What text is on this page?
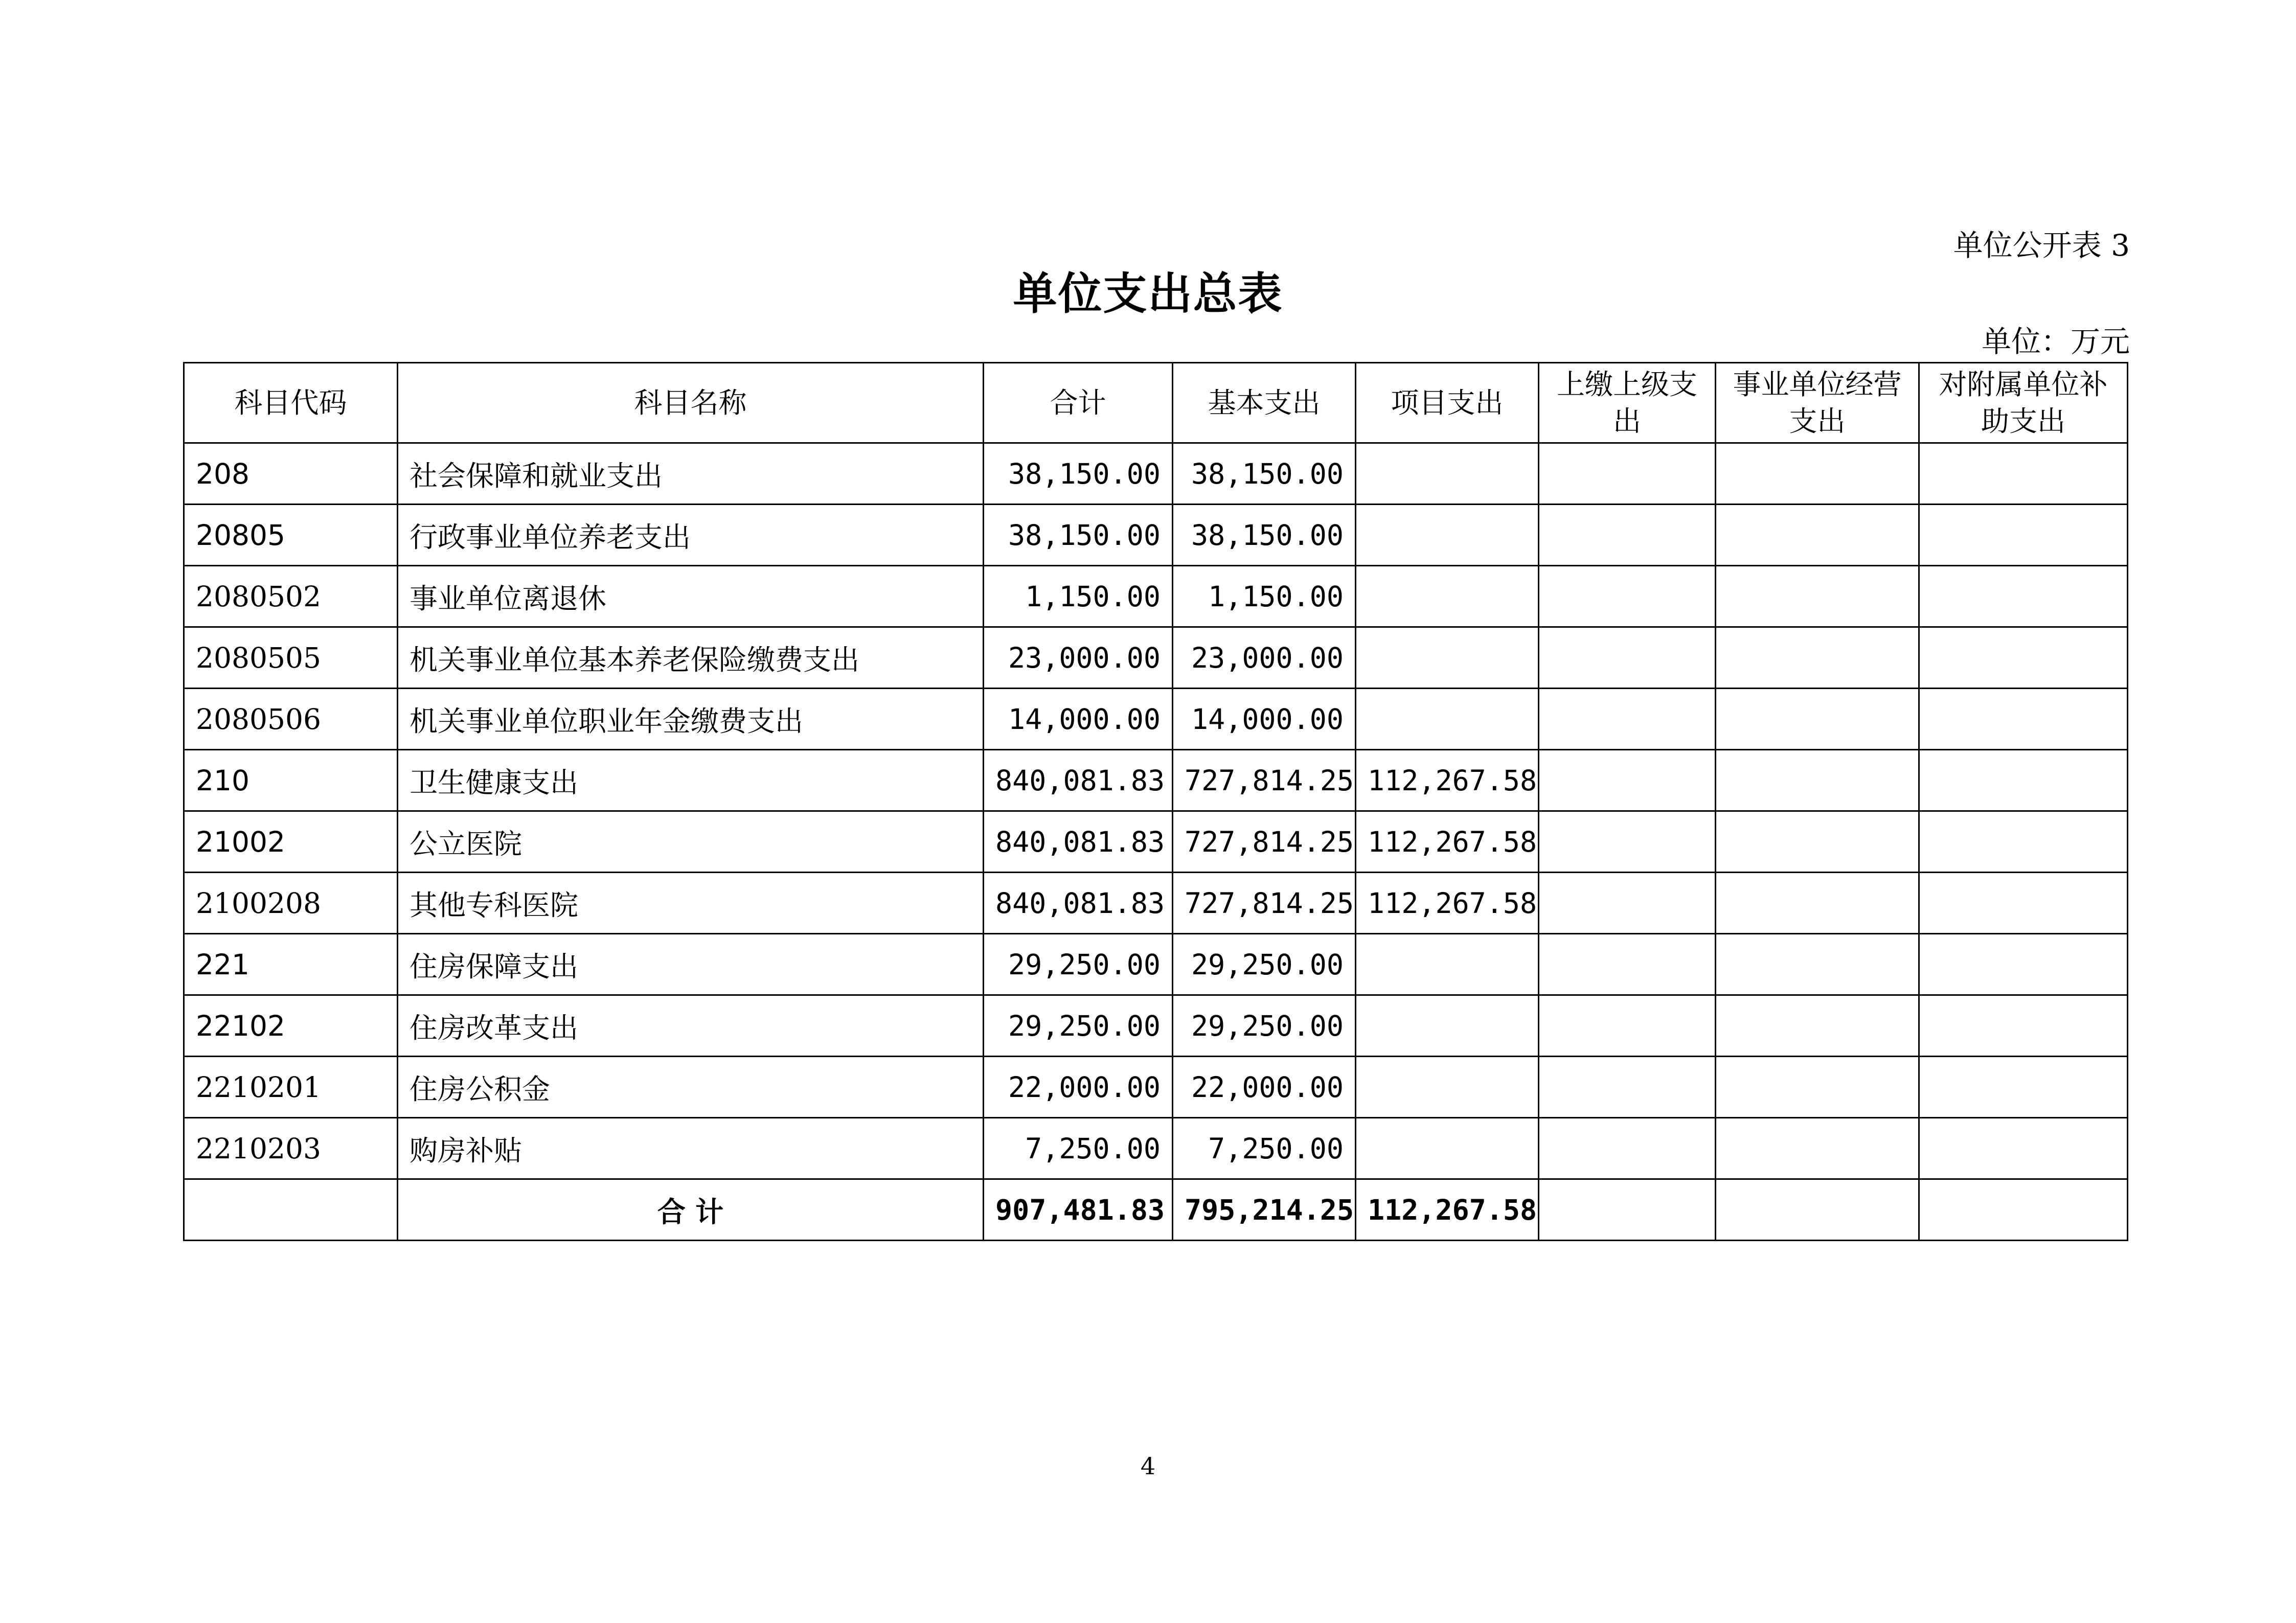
单位公开表 3
单位支出总表
单位：万元
科目代码	科目名称	合计	基本支出	项目支出	上缴上级支出	事业单位经营支出	对附属单位补助支出
208	社会保障和就业支出	38,150.00	38,150.00				
20805	行政事业单位养老支出	38,150.00	38,150.00				
2080502	事业单位离退休	1,150.00	1,150.00				
2080505	机关事业单位基本养老保险缴费支出	23,000.00	23,000.00				
2080506	机关事业单位职业年金缴费支出	14,000.00	14,000.00				
210	卫生健康支出	840,081.83	727,814.25	112,267.58			
21002	公立医院	840,081.83	727,814.25	112,267.58			
2100208	其他专科医院	840,081.83	727,814.25	112,267.58			
221	住房保障支出	29,250.00	29,250.00				
22102	住房改革支出	29,250.00	29,250.00				
2210201	住房公积金	22,000.00	22,000.00				
2210203	购房补贴	7,250.00	7,250.00				
	合 计	907,481.83	795,214.25	112,267.58			
4
